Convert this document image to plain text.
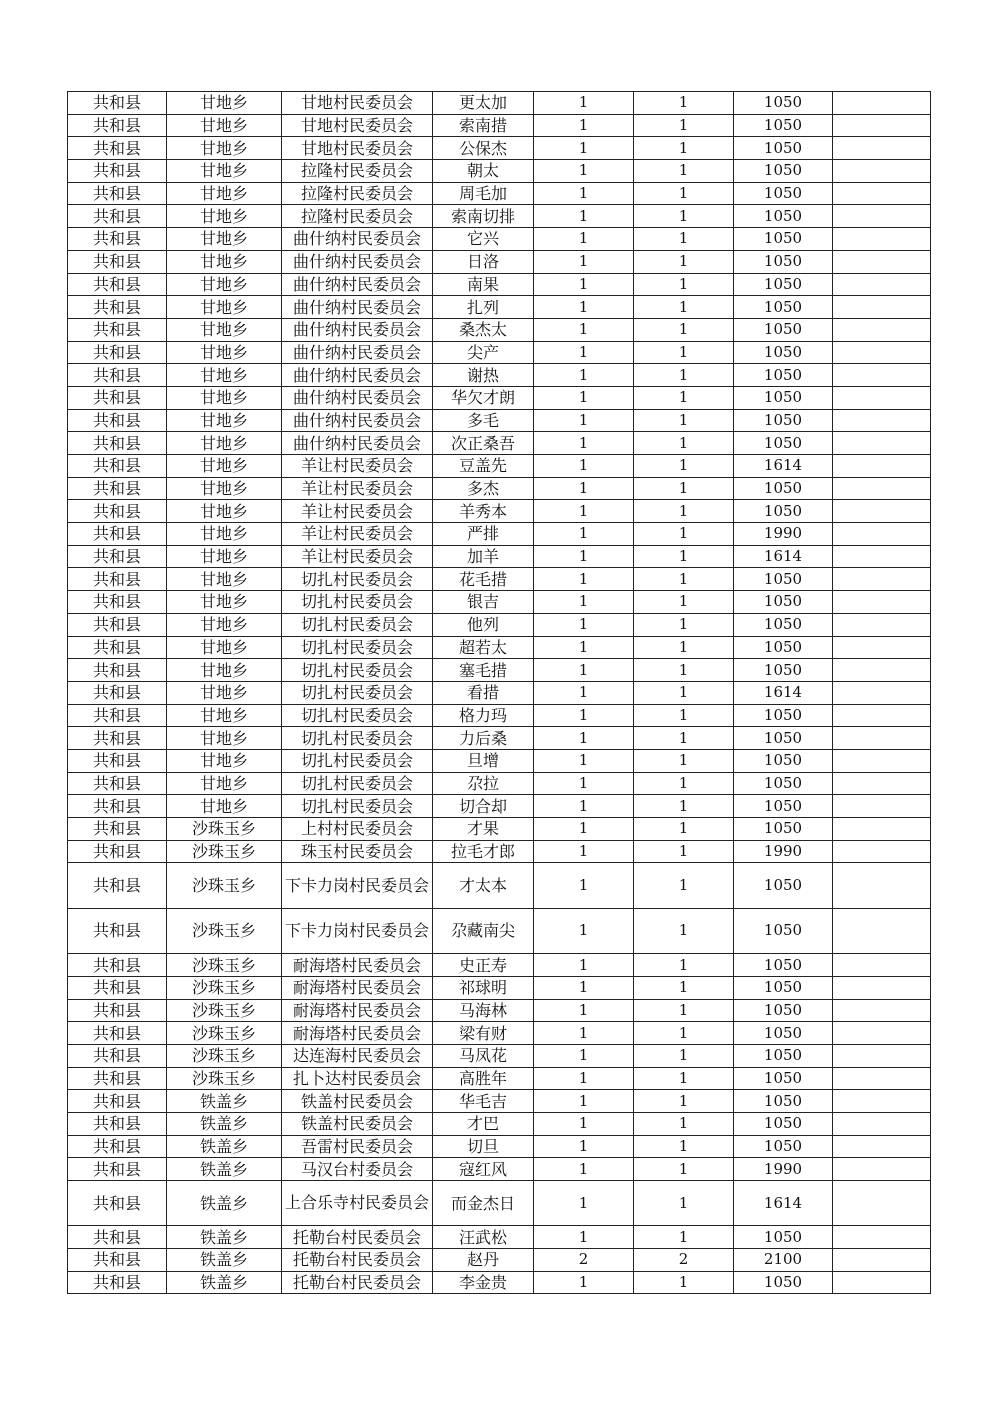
共和县	甘地乡	甘地村民委员会	更太加	1	1	1050	
共和县	甘地乡	甘地村民委员会	索南措	1	1	1050	
共和县	甘地乡	甘地村民委员会	公保杰	1	1	1050	
共和县	甘地乡	拉隆村民委员会	朝太	1	1	1050	
共和县	甘地乡	拉隆村民委员会	周毛加	1	1	1050	
共和县	甘地乡	拉隆村民委员会	索南切排	1	1	1050	
共和县	甘地乡	曲什纳村民委员会	它兴	1	1	1050	
共和县	甘地乡	曲什纳村民委员会	日洛	1	1	1050	
共和县	甘地乡	曲什纳村民委员会	南果	1	1	1050	
共和县	甘地乡	曲什纳村民委员会	扎列	1	1	1050	
共和县	甘地乡	曲什纳村民委员会	桑杰太	1	1	1050	
共和县	甘地乡	曲什纳村民委员会	尖产	1	1	1050	
共和县	甘地乡	曲什纳村民委员会	谢热	1	1	1050	
共和县	甘地乡	曲什纳村民委员会	华欠才朗	1	1	1050	
共和县	甘地乡	曲什纳村民委员会	多毛	1	1	1050	
共和县	甘地乡	曲什纳村民委员会	次正桑吾	1	1	1050	
共和县	甘地乡	羊让村民委员会	豆盖先	1	1	1614	
共和县	甘地乡	羊让村民委员会	多杰	1	1	1050	
共和县	甘地乡	羊让村民委员会	羊秀本	1	1	1050	
共和县	甘地乡	羊让村民委员会	严排	1	1	1990	
共和县	甘地乡	羊让村民委员会	加羊	1	1	1614	
共和县	甘地乡	切扎村民委员会	花毛措	1	1	1050	
共和县	甘地乡	切扎村民委员会	银吉	1	1	1050	
共和县	甘地乡	切扎村民委员会	他列	1	1	1050	
共和县	甘地乡	切扎村民委员会	超若太	1	1	1050	
共和县	甘地乡	切扎村民委员会	塞毛措	1	1	1050	
共和县	甘地乡	切扎村民委员会	看措	1	1	1614	
共和县	甘地乡	切扎村民委员会	格力玛	1	1	1050	
共和县	甘地乡	切扎村民委员会	力后桑	1	1	1050	
共和县	甘地乡	切扎村民委员会	旦增	1	1	1050	
共和县	甘地乡	切扎村民委员会	尕拉	1	1	1050	
共和县	甘地乡	切扎村民委员会	切合却	1	1	1050	
共和县	沙珠玉乡	上村村民委员会	才果	1	1	1050	
共和县	沙珠玉乡	珠玉村民委员会	拉毛才郎	1	1	1990	
共和县	沙珠玉乡	下卡力岗村民委员会	才太本	1	1	1050	
共和县	沙珠玉乡	下卡力岗村民委员会	尕藏南尖	1	1	1050	
共和县	沙珠玉乡	耐海塔村民委员会	史正寿	1	1	1050	
共和县	沙珠玉乡	耐海塔村民委员会	祁球明	1	1	1050	
共和县	沙珠玉乡	耐海塔村民委员会	马海林	1	1	1050	
共和县	沙珠玉乡	耐海塔村民委员会	梁有财	1	1	1050	
共和县	沙珠玉乡	达连海村民委员会	马凤花	1	1	1050	
共和县	沙珠玉乡	扎卜达村民委员会	高胜年	1	1	1050	
共和县	铁盖乡	铁盖村民委员会	华毛吉	1	1	1050	
共和县	铁盖乡	铁盖村民委员会	才巴	1	1	1050	
共和县	铁盖乡	吾雷村民委员会	切旦	1	1	1050	
共和县	铁盖乡	马汉台村委员会	寇红风	1	1	1990	
共和县	铁盖乡	上合乐寺村民委员会	而金杰日	1	1	1614	
共和县	铁盖乡	托勒台村民委员会	汪武松	1	1	1050	
共和县	铁盖乡	托勒台村民委员会	赵丹	2	2	2100	
共和县	铁盖乡	托勒台村民委员会	李金贵	1	1	1050	
